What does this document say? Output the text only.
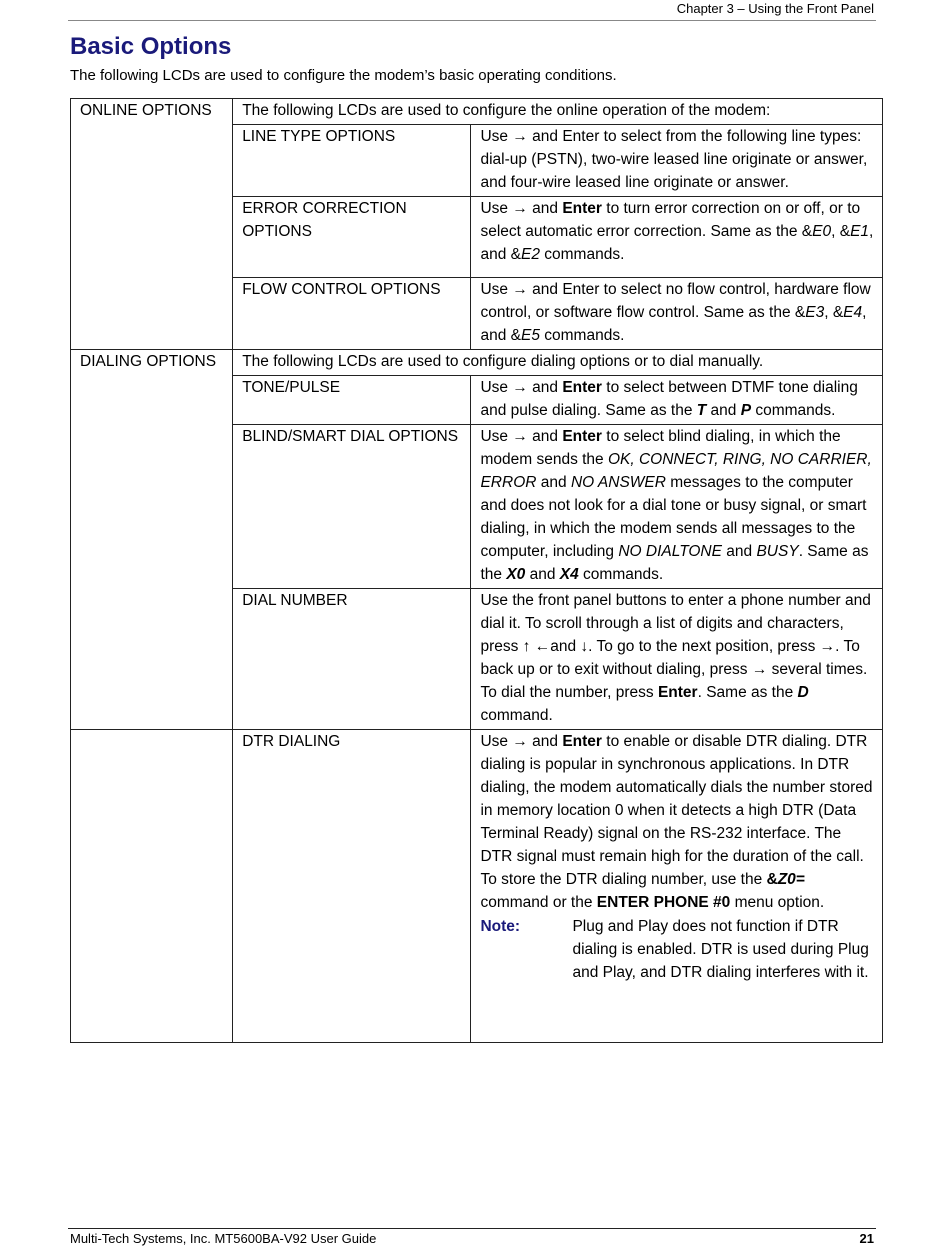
Chapter 3 – Using the Front Panel
Basic Options

The following LCDs are used to configure the modem’s basic operating conditions.

ONLINE OPTIONS	The following LCDs are used to configure the online operation of the modem:	
	LINE TYPE OPTIONS	Use → and Enter to select from the following line types: dial-up (PSTN), two-wire leased line originate or answer, and four-wire leased line originate or answer.
	ERROR CORRECTION OPTIONS	Use → and Enter to turn error correction on or off, or to select automatic error correction. Same as the &E0, &E1, and &E2 commands.
	FLOW CONTROL OPTIONS	Use → and Enter to select no flow control, hardware flow control, or software flow control. Same as the &E3, &E4, and &E5 commands.
DIALING OPTIONS	The following LCDs are used to configure dialing options or to dial manually.	
	TONE/PULSE	Use → and Enter to select between DTMF tone dialing and pulse dialing. Same as the T and P commands.
	BLIND/SMART DIAL OPTIONS	Use → and Enter to select blind dialing, in which the modem sends the OK, CONNECT, RING, NO CARRIER, ERROR and NO ANSWER messages to the computer and does not look for a dial tone or busy signal, or smart dialing, in which the modem sends all messages to the computer, including NO DIALTONE and BUSY. Same as the X0 and X4 commands.
	DIAL NUMBER	Use the front panel buttons to enter a phone number and dial it. To scroll through a list of digits and characters, press ↑ ←and ↓. To go to the next position, press →. To back up or to exit without dialing, press → several times. To dial the number, press Enter. Same as the D command.
	DTR DIALING	Use → and Enter to enable or disable DTR dialing. DTR dialing is popular in synchronous applications. In DTR dialing, the modem automatically dials the number stored in memory location 0 when it detects a high DTR (Data Terminal Ready) signal on the RS-232 interface. The DTR signal must remain high for the duration of the call. To store the DTR dialing number, use the &Z0= command or the ENTER PHONE #0 menu option.
Note: Plug and Play does not function if DTR dialing is enabled. DTR is used during Plug and Play, and DTR dialing interferes with it.
Multi-Tech Systems, Inc. MT5600BA-V92 User Guide	21
